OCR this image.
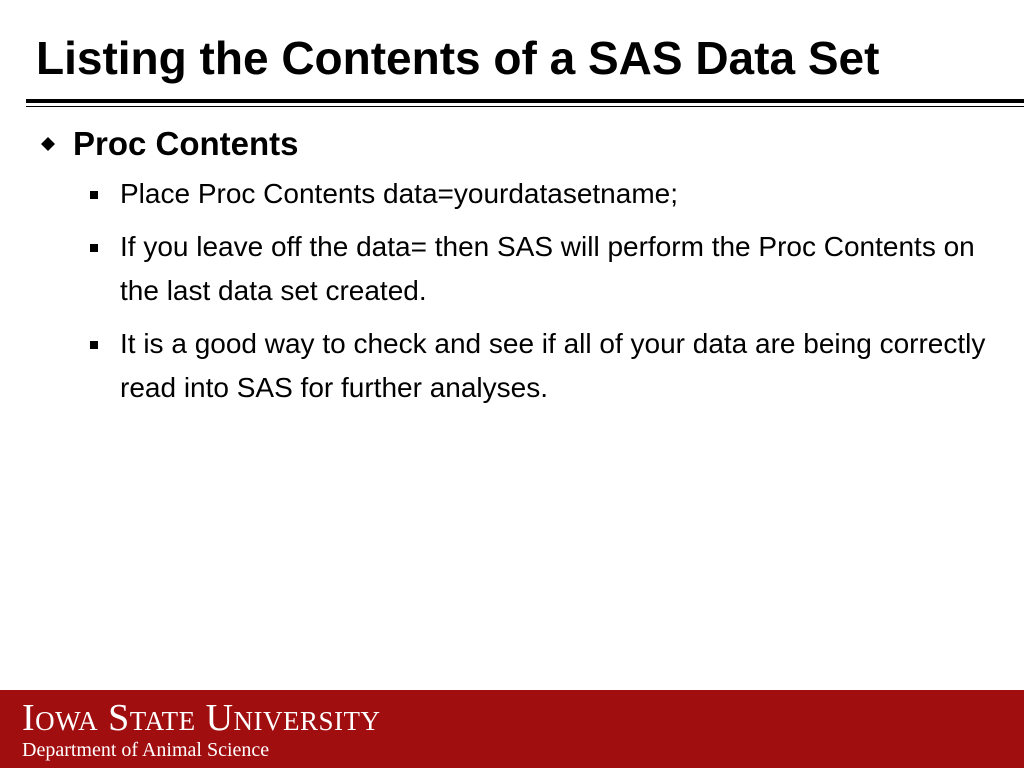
Listing the Contents of a SAS Data Set
Proc Contents
Place Proc Contents data=yourdatasetname;
If you leave off the data= then SAS will perform the Proc Contents on the last data set created.
It is a good way to check and see if all of your data are being correctly read into SAS for further analyses.

Iowa State University

Department of Animal Science
